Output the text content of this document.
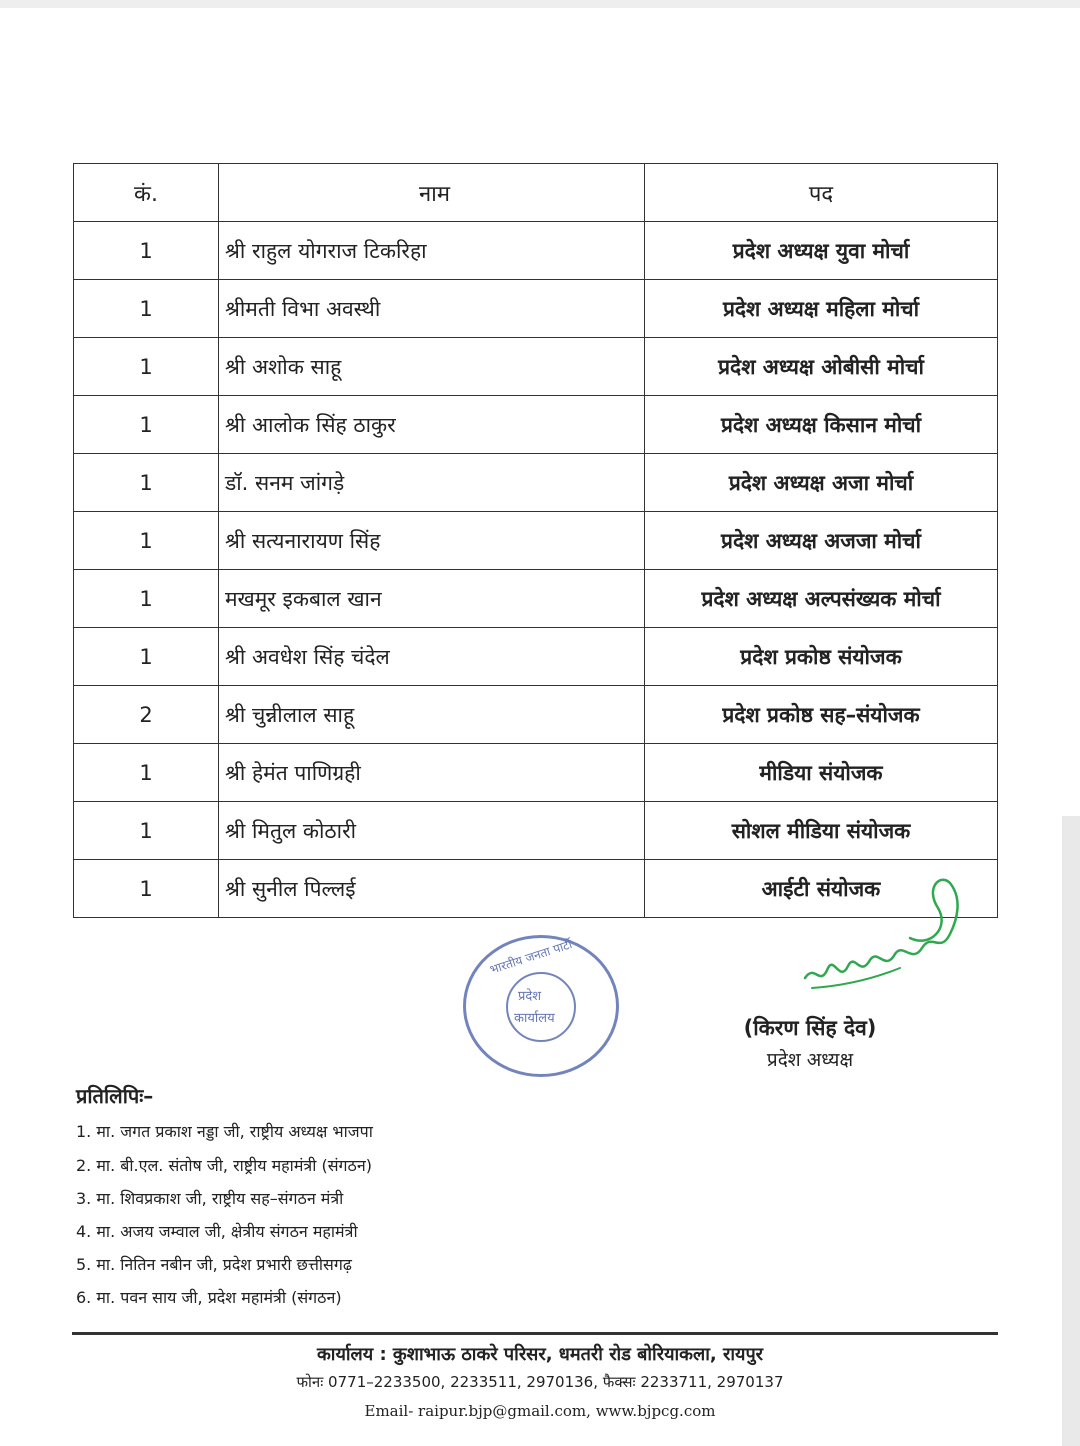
कं.	नाम	पद
1	श्री राहुल योगराज टिकरिहा	प्रदेश अध्यक्ष युवा मोर्चा
1	श्रीमती विभा अवस्थी	प्रदेश अध्यक्ष महिला मोर्चा
1	श्री अशोक साहू	प्रदेश अध्यक्ष ओबीसी मोर्चा
1	श्री आलोक सिंह ठाकुर	प्रदेश अध्यक्ष किसान मोर्चा
1	डॉ. सनम जांगड़े	प्रदेश अध्यक्ष अजा मोर्चा
1	श्री सत्यनारायण सिंह	प्रदेश अध्यक्ष अजजा मोर्चा
1	मखमूर इकबाल खान	प्रदेश अध्यक्ष अल्पसंख्यक मोर्चा
1	श्री अवधेश सिंह चंदेल	प्रदेश प्रकोष्ठ संयोजक
2	श्री चुन्नीलाल साहू	प्रदेश प्रकोष्ठ सह–संयोजक
1	श्री हेमंत पाणिग्रही	मीडिया संयोजक
1	श्री मितुल कोठारी	सोशल मीडिया संयोजक
1	श्री सुनील पिल्लई	आईटी संयोजक
भारतीय जनता पार्टी
प्रदेश
कार्यालय	(किरण सिंह देव)
प्रदेश अध्यक्ष
प्रतिलिपिः–
1. मा. जगत प्रकाश नड्डा जी, राष्ट्रीय अध्यक्ष भाजपा
2. मा. बी.एल. संतोष जी, राष्ट्रीय महामंत्री (संगठन)
3. मा. शिवप्रकाश जी, राष्ट्रीय सह–संगठन मंत्री
4. मा. अजय जम्वाल जी, क्षेत्रीय संगठन महामंत्री
5. मा. नितिन नबीन जी, प्रदेश प्रभारी छत्तीसगढ़
6. मा. पवन साय जी, प्रदेश महामंत्री (संगठन)
कार्यालय : कुशाभाऊ ठाकरे परिसर, धमतरी रोड बोरियाकला, रायपुर
फोनः 0771–2233500, 2233511, 2970136, फैक्सः 2233711, 2970137
Email- raipur.bjp@gmail.com, www.bjpcg.com
